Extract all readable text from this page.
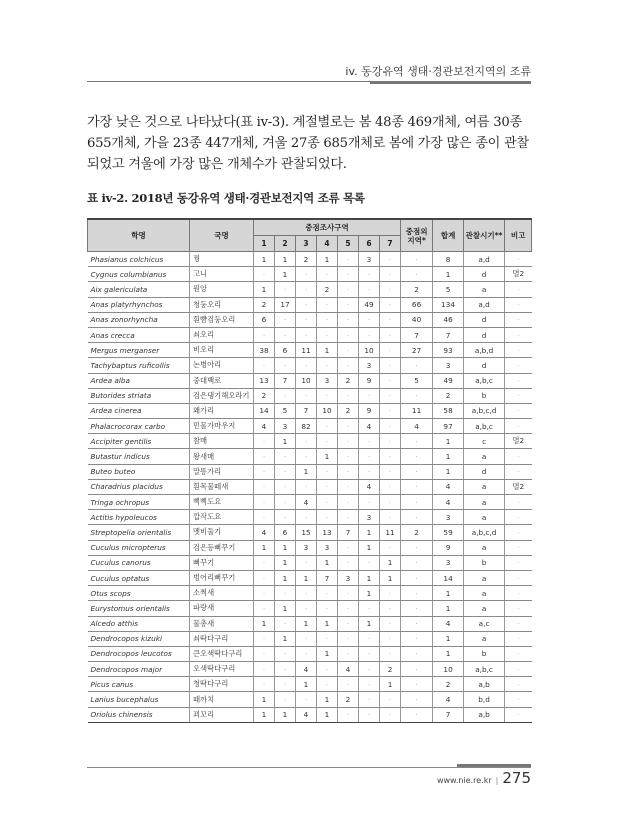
iv. 동강유역 생태·경관보전지역의 조류
가장 낮은 것으로 나타났다(표 iv-3). 계절별로는 봄 48종 469개체, 여름 30종 655개체, 가을 23종 447개체, 겨울 27종 685개체로 봄에 가장 많은 종이 관찰되었고 겨울에 가장 많은 개체수가 관찰되었다.
표 iv-2. 2018년 동강유역 생태·경관보전지역 조류 목록
학명	국명	중점조사구역							중점외 지역*	합계	관찰시기**	비고
		1	2	3	4	5	6	7				
Phasianus colchicus	꿩	1	1	2	1	·	3	·	·	8	a,d	·
Cygnus columbianus	고니	·	1	·	·	·	·	·	·	1	d	멸2
Aix galericulata	원앙	1	·	·	2	·	·	·	2	5	a	·
Anas platyrhynchos	청둥오리	2	17	·	·	·	49	·	66	134	a,d	·
Anas zonorhyncha	흰뺨검둥오리	6	·	·	·	·	·	·	40	46	d	·
Anas crecca	쇠오리	·	·	·	·	·	·	·	7	7	d	·
Mergus merganser	비오리	38	6	11	1	·	10	·	27	93	a,b,d	·
Tachybaptus ruficollis	논병아리	·	·	·	·	·	3	·	·	3	d	·
Ardea alba	중대백로	13	7	10	3	2	9	·	5	49	a,b,c	·
Butorides striata	검은댕기해오라기	2	·	·	·	·	·	·	·	2	b	·
Ardea cinerea	왜가리	14	5	7	10	2	9	·	11	58	a,b,c,d	·
Phalacrocorax carbo	민물가마우지	4	3	82	·	·	4	·	4	97	a,b,c	·
Accipiter gentilis	참매	·	1	·	·	·	·	·	·	1	c	멸2
Butastur indicus	왕새매	·	·	·	1	·	·	·	·	1	a	·
Buteo buteo	말똥가리	·	·	1	·	·	·	·	·	1	d	·
Charadrius placidus	흰목물떼새	·	·	·	·	·	4	·	·	4	a	멸2
Tringa ochropus	삑삑도요	·	·	4	·	·	·	·	·	4	a	·
Actitis hypoleucos	깝작도요	·	·	·	·	·	3	·	·	3	a	·
Streptopelia orientalis	멧비둘기	4	6	15	13	7	1	11	2	59	a,b,c,d	·
Cuculus micropterus	검은등뻐꾸기	1	1	3	3	·	1	·	·	9	a	·
Cuculus canorus	뻐꾸기	·	1	·	1	·	·	1	·	3	b	·
Cuculus optatus	벙어리뻐꾸기	·	1	1	7	3	1	1	·	14	a	·
Otus scops	소쩍새	·	·	·	·	·	1	·	·	1	a	·
Eurystomus orientalis	파랑새	·	1	·	·	·	·	·	·	1	a	·
Alcedo atthis	물총새	1	·	1	1	·	1	·	·	4	a,c	·
Dendrocopos kizuki	쇠딱다구리	·	1	·	·	·	·	·	·	1	a	·
Dendrocopos leucotos	큰오색딱다구리	·	·	·	1	·	·	·	·	1	b	·
Dendrocopos major	오색딱다구리	·	·	4	·	4	·	2	·	10	a,b,c	·
Picus canus	청딱다구리	·	·	1	·	·	·	1	·	2	a,b	·
Lanius bucephalus	때까치	1	·	·	1	2	·	·	·	4	b,d	·
Oriolus chinensis	꾀꼬리	1	1	4	1	·	·	·	·	7	a,b	·
www.nie.re.kr | 275
